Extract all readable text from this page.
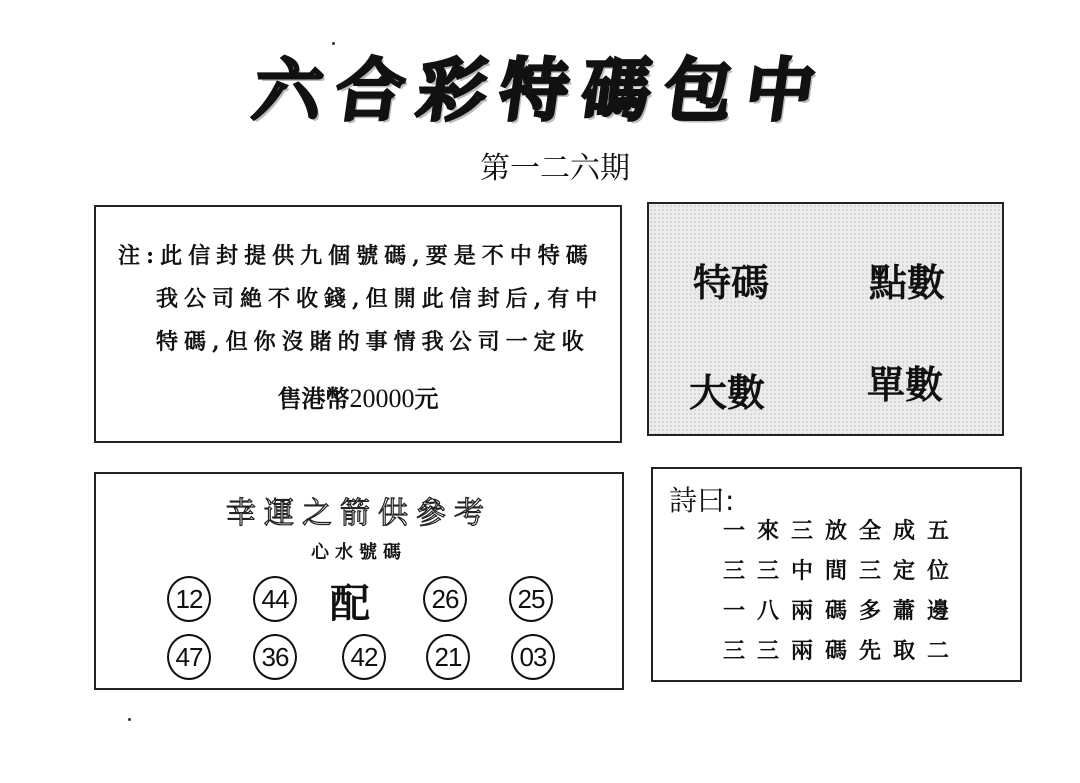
六 合 彩 特 碼 包 中
第一二六期
注:此信封提供九個號碼,要是不中特碼
我公司絶不收錢,但開此信封后,有中
特碼,但你沒賭的事情我公司一定收
售港幣20000元
特碼	點數
大數	單數
幸運之箭供參考
心水號碼
12	44 配	26	25
47	36	42	21	03
詩曰:
一來三放全成五
三三中間三定位
一八兩碼多蕭邊
三三兩碼先取二
